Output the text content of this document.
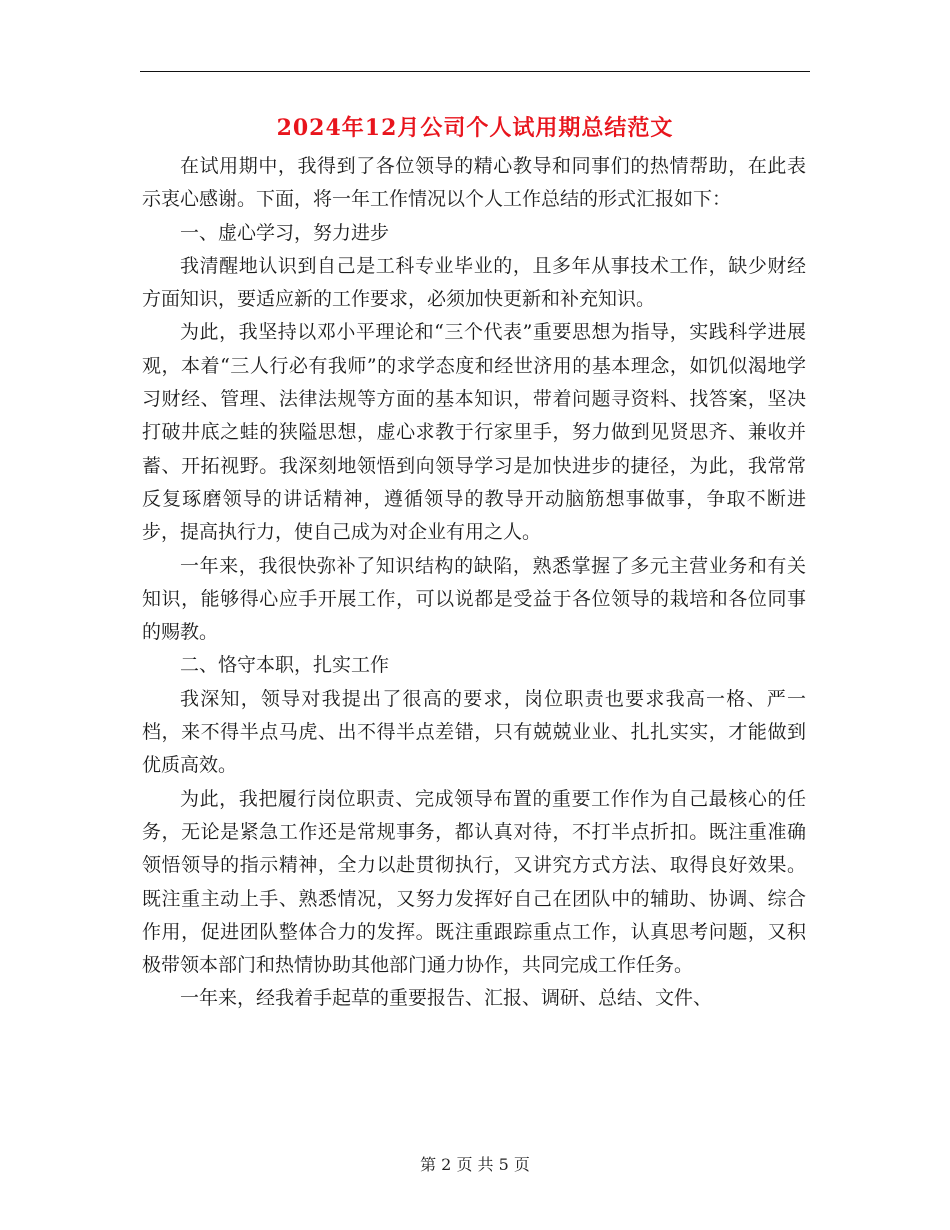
2024年12月公司个人试用期总结范文

在试用期中，我得到了各位领导的精心教导和同事们的热情帮助，在此表示衷心感谢。下面，将一年工作情况以个人工作总结的形式汇报如下：

一、虚心学习，努力进步

我清醒地认识到自己是工科专业毕业的，且多年从事技术工作，缺少财经方面知识，要适应新的工作要求，必须加快更新和补充知识。

为此，我坚持以邓小平理论和“三个代表”重要思想为指导，实践科学进展观，本着“三人行必有我师”的求学态度和经世济用的基本理念，如饥似渴地学习财经、管理、法律法规等方面的基本知识，带着问题寻资料、找答案，坚决打破井底之蛙的狭隘思想，虚心求教于行家里手，努力做到见贤思齐、兼收并蓄、开拓视野。我深刻地领悟到向领导学习是加快进步的捷径，为此，我常常反复琢磨领导的讲话精神，遵循领导的教导开动脑筋想事做事，争取不断进步，提高执行力，使自己成为对企业有用之人。

一年来，我很快弥补了知识结构的缺陷，熟悉掌握了多元主营业务和有关知识，能够得心应手开展工作，可以说都是受益于各位领导的栽培和各位同事的赐教。

二、恪守本职，扎实工作

我深知，领导对我提出了很高的要求，岗位职责也要求我高一格、严一档，来不得半点马虎、出不得半点差错，只有兢兢业业、扎扎实实，才能做到优质高效。

为此，我把履行岗位职责、完成领导布置的重要工作作为自己最核心的任务，无论是紧急工作还是常规事务，都认真对待，不打半点折扣。既注重准确领悟领导的指示精神，全力以赴贯彻执行，又讲究方式方法、取得良好效果。既注重主动上手、熟悉情况，又努力发挥好自己在团队中的辅助、协调、综合作用，促进团队整体合力的发挥。既注重跟踪重点工作，认真思考问题，又积极带领本部门和热情协助其他部门通力协作，共同完成工作任务。

一年来，经我着手起草的重要报告、汇报、调研、总结、文件、

第 2 页 共 5 页
